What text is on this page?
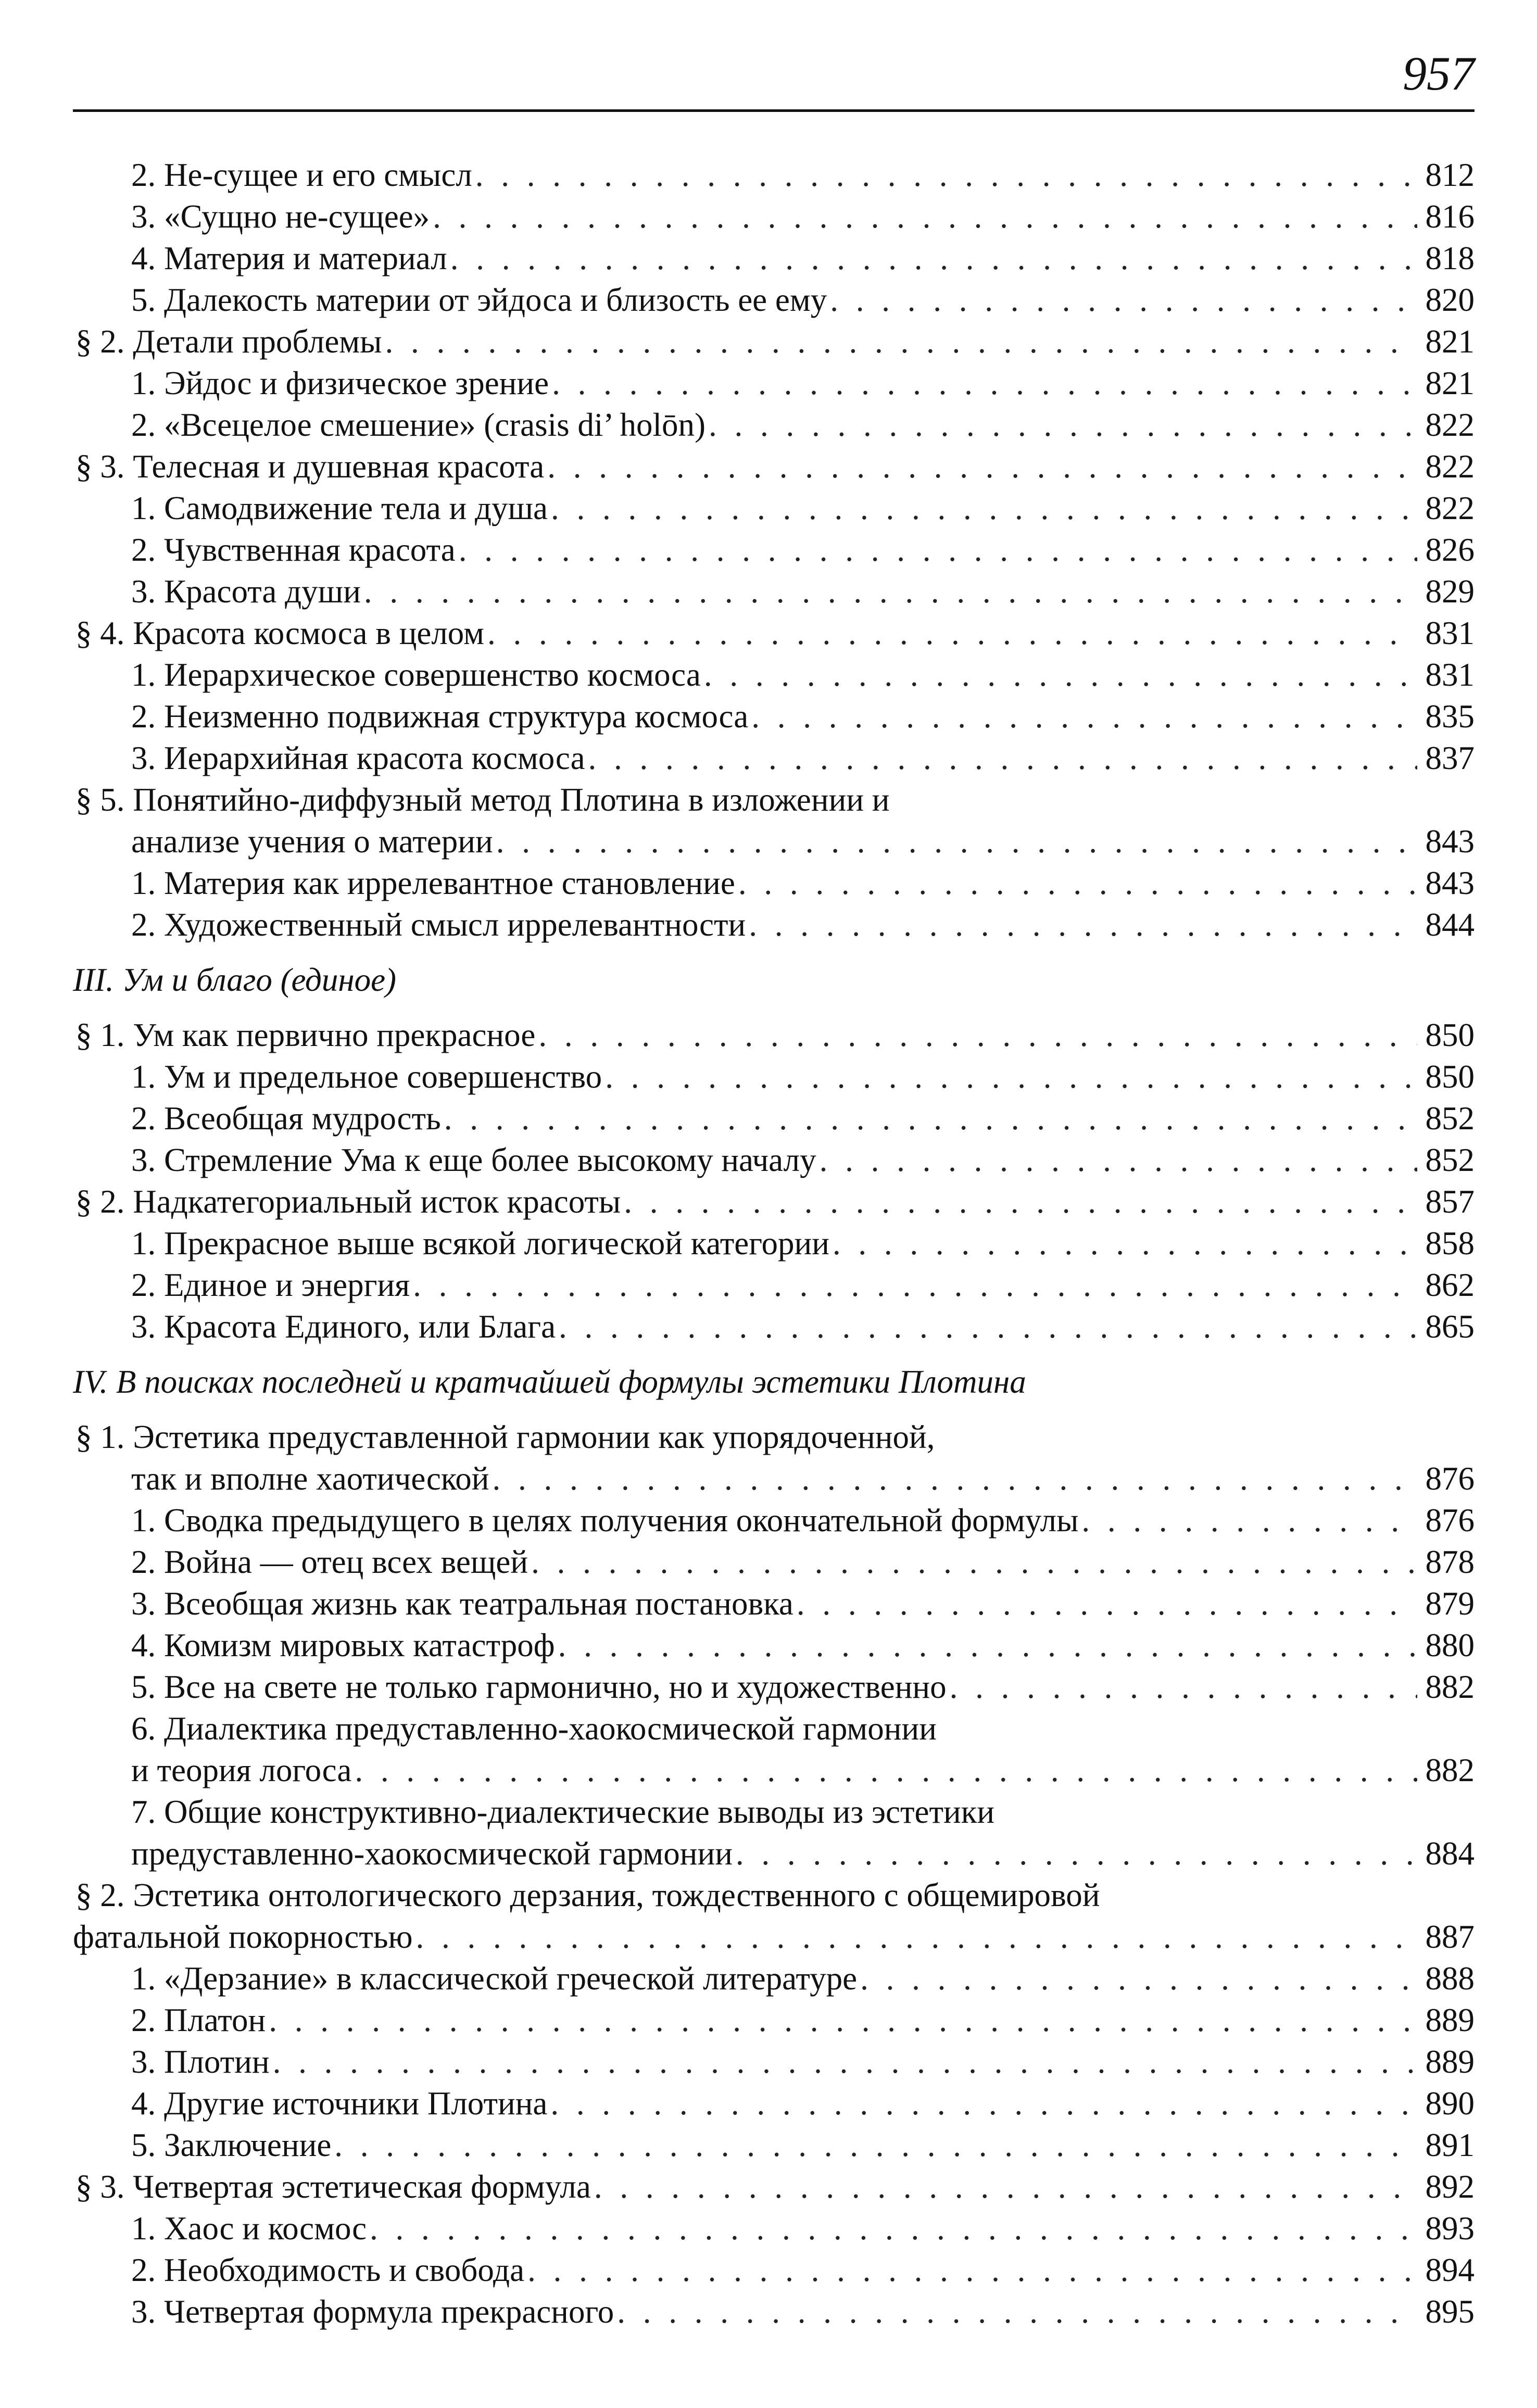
957
2. Не-сущее и его смысл . . .	812
3. «Сущно не-сущее» . . .	816
4. Материя и материал . . .	818
5. Далекость материи от эйдоса и близость ее ему . . .	820
§ 2. Детали проблемы . . .	821
1. Эйдос и физическое зрение . . .	821
2. «Всецелое смешение» (crasis di’ holōn) . . .	822
§ 3. Телесная и душевная красота . . .	822
1. Самодвижение тела и душа . . .	822
2. Чувственная красота . . .	826
3. Красота души . . .	829
§ 4. Красота космоса в целом . . .	831
1. Иерархическое совершенство космоса . . .	831
2. Неизменно подвижная структура космоса . . .	835
3. Иерархийная красота космоса . . .	837
§ 5. Понятийно-диффузный метод Плотина в изложении и
анализе учения о материи . . .	843
1. Материя как иррелевантное становление . . .	843
2. Художественный смысл иррелевантности . . .	844
III. Ум и благо (единое)
§ 1. Ум как первично прекрасное . . .	850
1. Ум и предельное совершенство . . .	850
2. Всеобщая мудрость . . .	852
3. Стремление Ума к еще более высокому началу . . .	852
§ 2. Надкатегориальный исток красоты . . .	857
1. Прекрасное выше всякой логической категории . . .	858
2. Единое и энергия . . .	862
3. Красота Единого, или Блага . . .	865
IV. В поисках последней и кратчайшей формулы эстетики Плотина
§ 1. Эстетика предуставленной гармонии как упорядоченной,
так и вполне хаотической . . .	876
1. Сводка предыдущего в целях получения окончательной формулы . . .	876
2. Война — отец всех вещей . . .	878
3. Всеобщая жизнь как театральная постановка . . .	879
4. Комизм мировых катастроф . . .	880
5. Все на свете не только гармонично, но и художественно . . .	882
6. Диалектика предуставленно-хаокосмической гармонии
и теория логоса . . .	882
7. Общие конструктивно-диалектические выводы из эстетики
предуставленно-хаокосмической гармонии . . .	884
§ 2. Эстетика онтологического дерзания, тождественного с общемировой
фатальной покорностью . . .	887
1. «Дерзание» в классической греческой литературе . . .	888
2. Платон . . .	889
3. Плотин . . .	889
4. Другие источники Плотина . . .	890
5. Заключение . . .	891
§ 3. Четвертая эстетическая формула . . .	892
1. Хаос и космос . . .	893
2. Необходимость и свобода . . .	894
3. Четвертая формула прекрасного . . .	895
